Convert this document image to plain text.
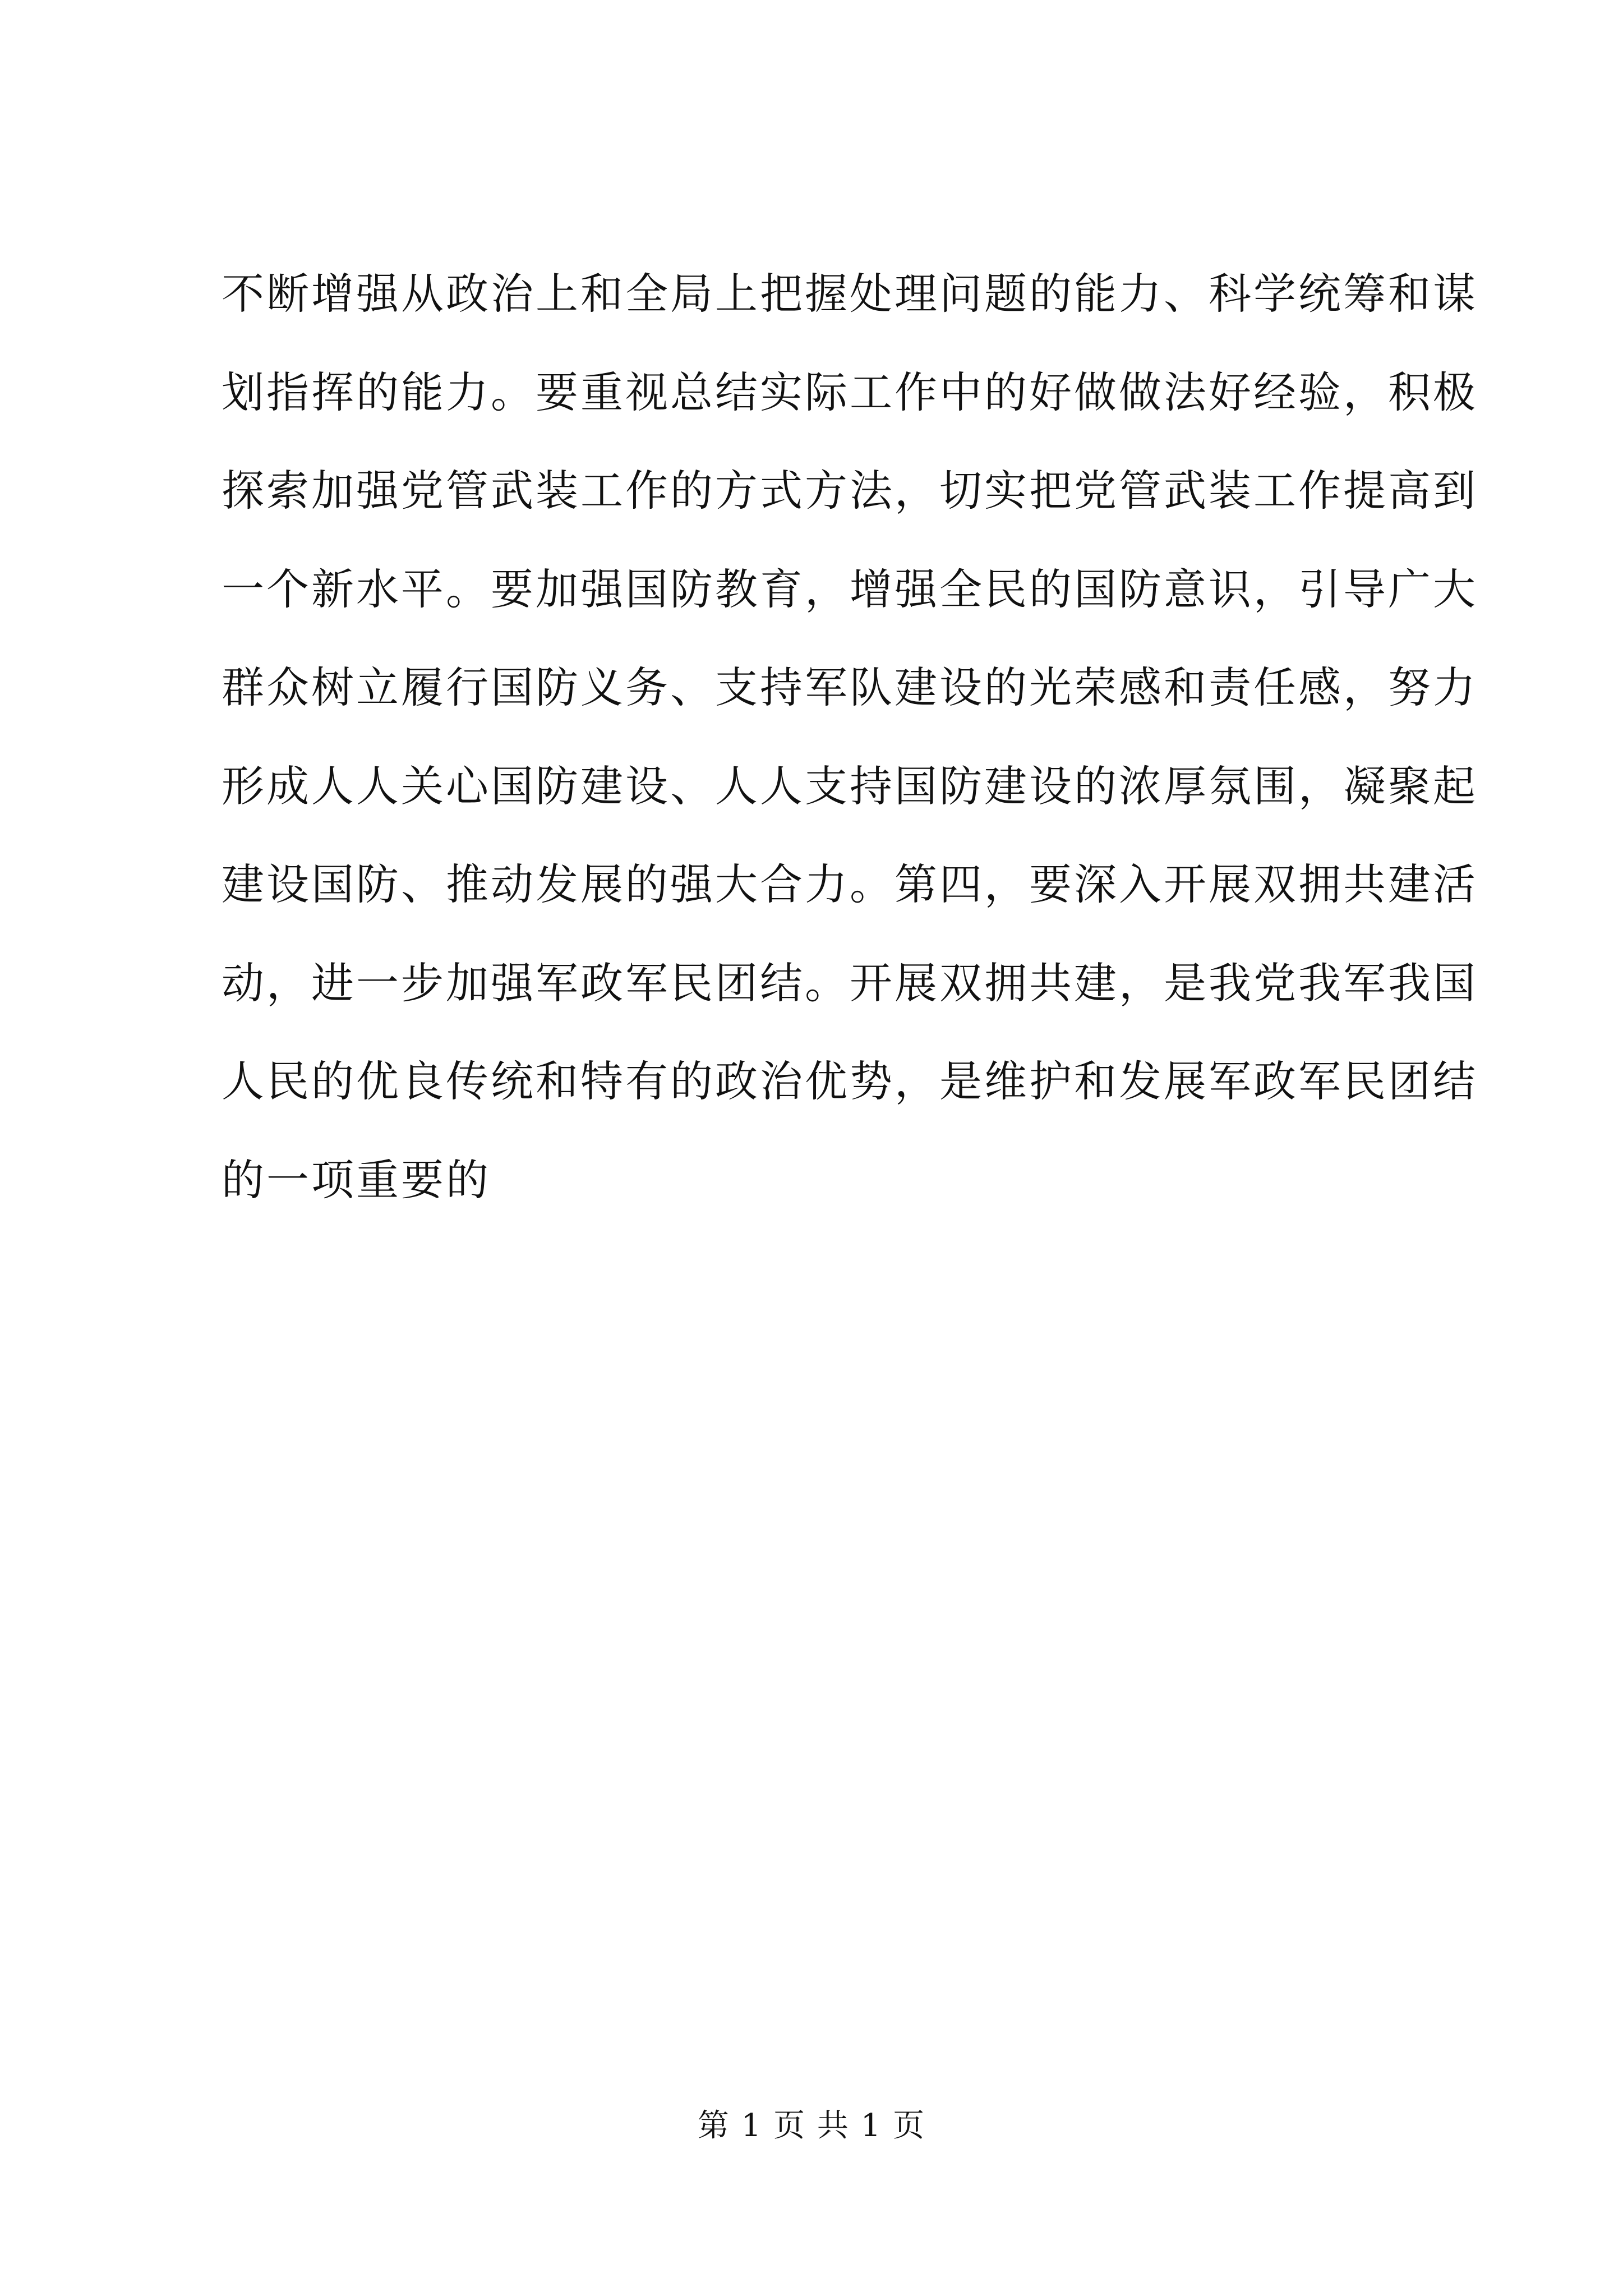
不断增强从政治上和全局上把握处理问题的能力、科学统筹和谋
划指挥的能力。要重视总结实际工作中的好做做法好经验，积极
探索加强党管武装工作的方式方法，切实把党管武装工作提高到
一个新水平。要加强国防教育，增强全民的国防意识，引导广大
群众树立履行国防义务、支持军队建设的光荣感和责任感，努力
形成人人关心国防建设、人人支持国防建设的浓厚氛围，凝聚起
建设国防、推动发展的强大合力。第四，要深入开展双拥共建活
动，进一步加强军政军民团结。开展双拥共建，是我党我军我国
人民的优良传统和特有的政治优势，是维护和发展军政军民团结
的一项重要的
第 1 页 共 1 页
